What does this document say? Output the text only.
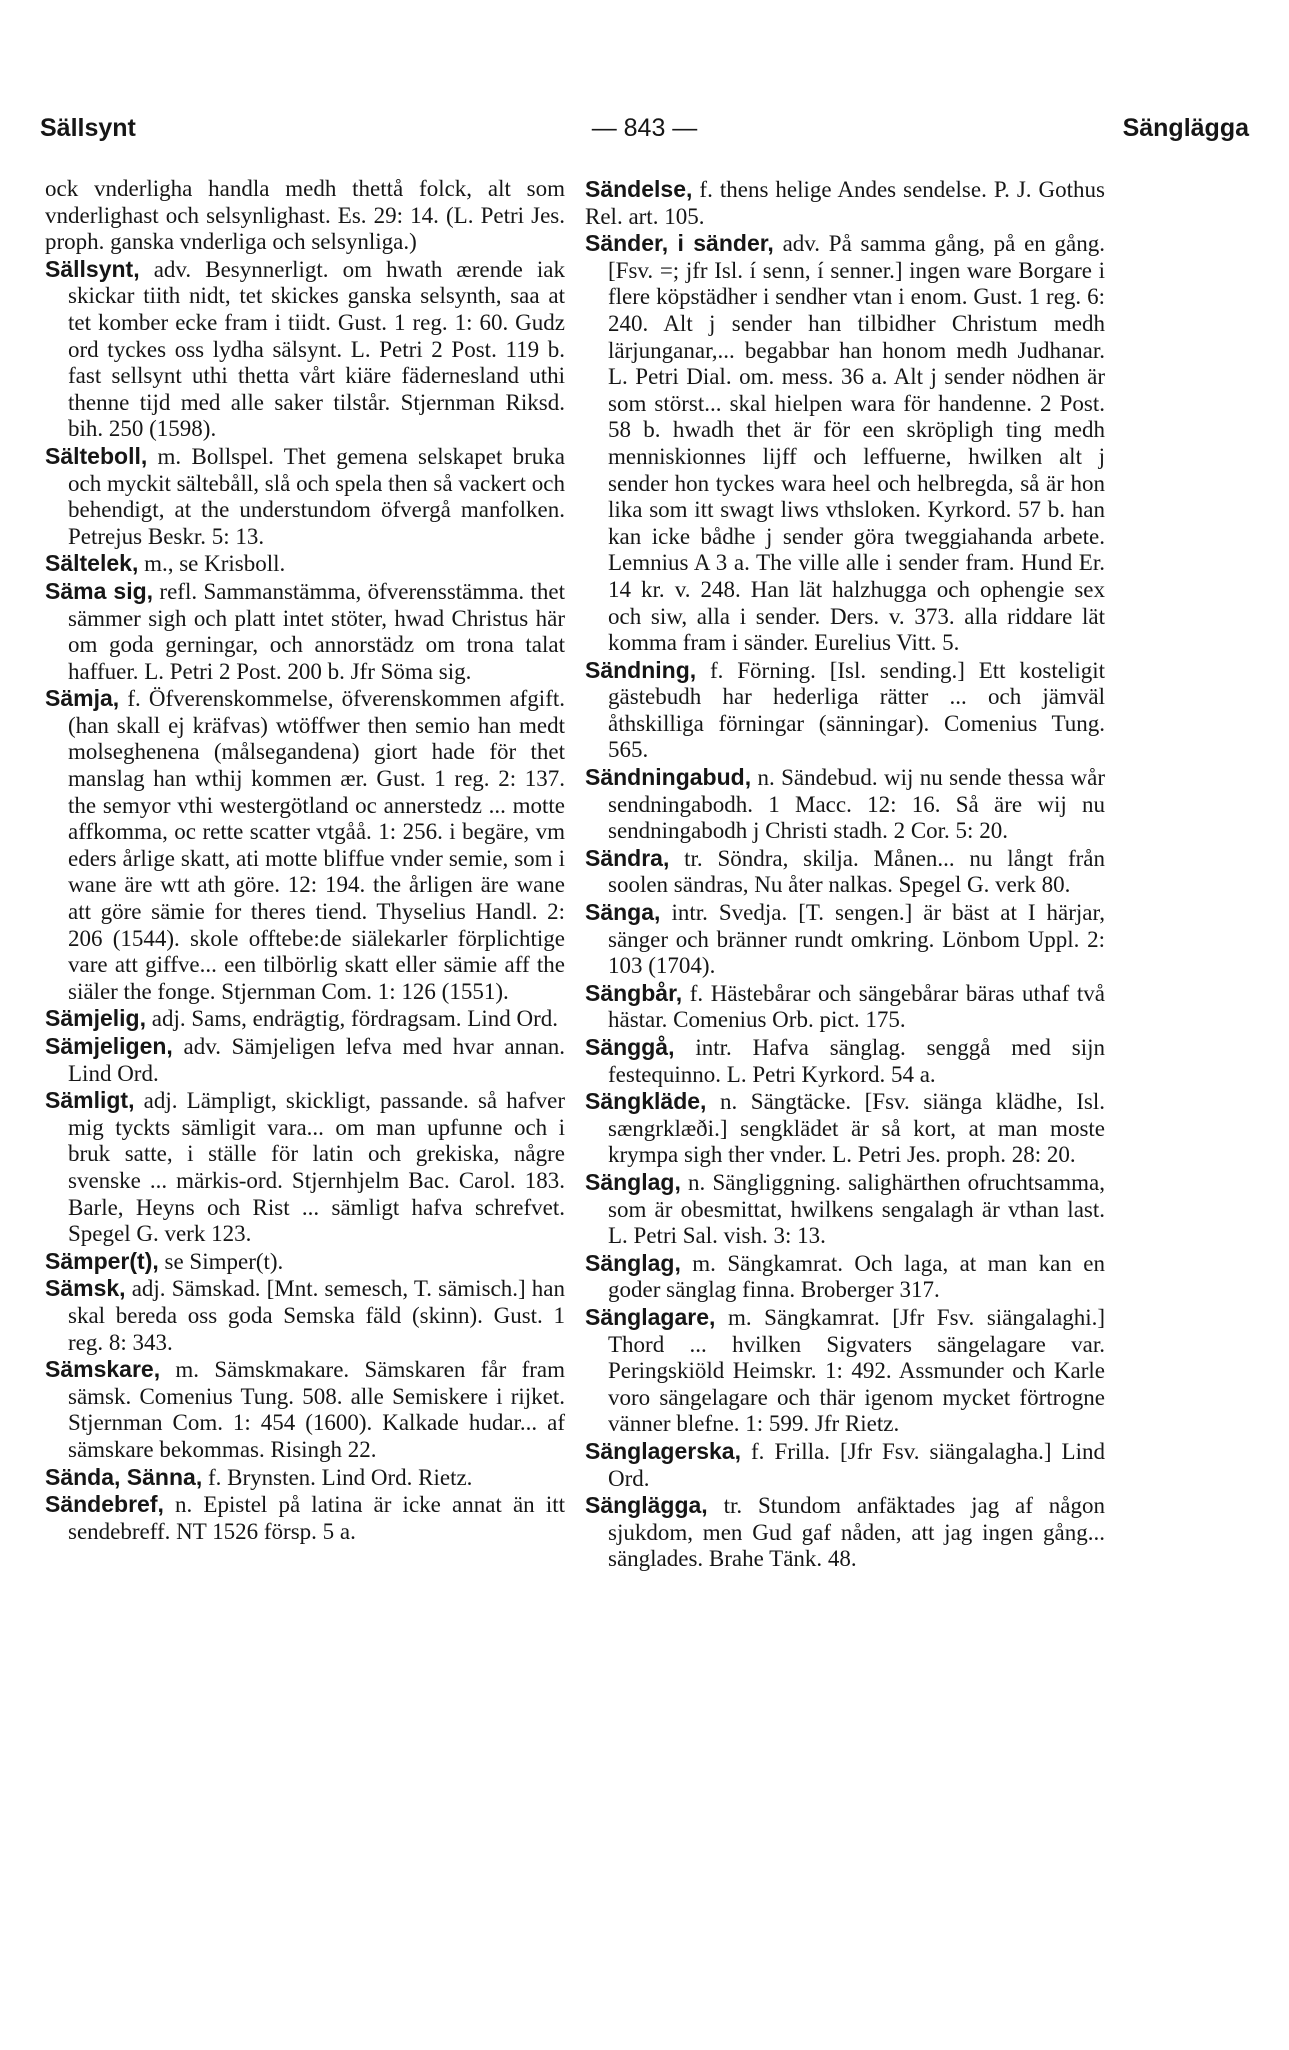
Sällsynt	— 843 —	Sänglägga

ock vnderligha handla medh thettå folck, alt som vnderlighast och selsynlighast. Es. 29: 14. (L. Petri Jes. proph. ganska vnderliga och selsynliga.)

Sällsynt, adv. Besynnerligt. om hwath ærende iak skickar tiith nidt, tet skickes ganska selsynth, saa at tet komber ecke fram i tiidt. Gust. 1 reg. 1: 60. Gudz ord tyckes oss lydha sälsynt. L. Petri 2 Post. 119 b. fast sellsynt uthi thetta vårt kiäre fädernesland uthi thenne tijd med alle saker tilstår. Stjernman Riksd. bih. 250 (1598).

Sälteboll, m. Bollspel. Thet gemena selskapet bruka och myckit sältebåll, slå och spela then så vackert och behendigt, at the understundom öfvergå manfolken. Petrejus Beskr. 5: 13.

Sältelek, m., se Krisboll.

Säma sig, refl. Sammanstämma, öfverensstämma. thet sämmer sigh och platt intet stöter, hwad Christus här om goda gerningar, och annorstädz om trona talat haffuer. L. Petri 2 Post. 200 b. Jfr Söma sig.

Sämja, f. Öfverenskommelse, öfverenskommen afgift. (han skall ej kräfvas) wtöffwer then semio han medt molseghenena (målsegandena) giort hade för thet manslag han wthij kommen ær. Gust. 1 reg. 2: 137. the semyor vthi westergötland oc annerstedz ... motte affkomma, oc rette scatter vtgåå. 1: 256. i begäre, vm eders årlige skatt, ati motte bliffue vnder semie, som i wane äre wtt ath göre. 12: 194. the årligen äre wane att göre sämie for theres tiend. Thyselius Handl. 2: 206 (1544). skole offtebe:de siälekarler förplichtige vare att giffve... een tilbörlig skatt eller sämie aff the siäler the fonge. Stjernman Com. 1: 126 (1551).

Sämjelig, adj. Sams, endrägtig, fördragsam. Lind Ord.

Sämjeligen, adv. Sämjeligen lefva med hvar annan. Lind Ord.

Sämligt, adj. Lämpligt, skickligt, passande. så hafver mig tyckts sämligit vara... om man upfunne och i bruk satte, i ställe för latin och grekiska, någre svenske ... märkis-ord. Stjernhjelm Bac. Carol. 183. Barle, Heyns och Rist ... sämligt hafva schrefvet. Spegel G. verk 123.

Sämper(t), se Simper(t).

Sämsk, adj. Sämskad. [Mnt. semesch, T. sämisch.] han skal bereda oss goda Semska fäld (skinn). Gust. 1 reg. 8: 343.

Sämskare, m. Sämskmakare. Sämskaren får fram sämsk. Comenius Tung. 508. alle Semiskere i rijket. Stjernman Com. 1: 454 (1600). Kalkade hudar... af sämskare bekommas. Risingh 22.

Sända, Sänna, f. Brynsten. Lind Ord. Rietz.

Sändebref, n. Epistel på latina är icke annat än itt sendebreff. NT 1526 försp. 5 a.

Sändelse, f. thens helige Andes sendelse. P. J. Gothus Rel. art. 105.

Sänder, i sänder, adv. På samma gång, på en gång. [Fsv. =; jfr Isl. í senn, í senner.] ingen ware Borgare i flere köpstädher i sendher vtan i enom. Gust. 1 reg. 6: 240. Alt j sender han tilbidher Christum medh lärjunganar,... begabbar han honom medh Judhanar. L. Petri Dial. om. mess. 36 a. Alt j sender nödhen är som störst... skal hielpen wara för handenne. 2 Post. 58 b. hwadh thet är för een skröpligh ting medh menniskionnes lijff och leffuerne, hwilken alt j sender hon tyckes wara heel och helbregda, så är hon lika som itt swagt liws vthsloken. Kyrkord. 57 b. han kan icke bådhe j sender göra tweggiahanda arbete. Lemnius A 3 a. The ville alle i sender fram. Hund Er. 14 kr. v. 248. Han lät halzhugga och ophengie sex och siw, alla i sender. Ders. v. 373. alla riddare lät komma fram i sänder. Eurelius Vitt. 5.

Sändning, f. Förning. [Isl. sending.] Ett kosteligit gästebudh har hederliga rätter ... och jämväl åthskilliga förningar (sänningar). Comenius Tung. 565.

Sändningabud, n. Sändebud. wij nu sende thessa wår sendningabodh. 1 Macc. 12: 16. Så äre wij nu sendningabodh j Christi stadh. 2 Cor. 5: 20.

Sändra, tr. Söndra, skilja. Månen... nu långt från soolen sändras, Nu åter nalkas. Spegel G. verk 80.

Sänga, intr. Svedja. [T. sengen.] är bäst at I härjar, sänger och bränner rundt omkring. Lönbom Uppl. 2: 103 (1704).

Sängbår, f. Hästebårar och sängebårar bäras uthaf två hästar. Comenius Orb. pict. 175.

Sänggå, intr. Hafva sänglag. senggå med sijn festequinno. L. Petri Kyrkord. 54 a.

Sängkläde, n. Sängtäcke. [Fsv. siänga klädhe, Isl. sængrklæði.] sengklädet är så kort, at man moste krympa sigh ther vnder. L. Petri Jes. proph. 28: 20.

Sänglag, n. Sängliggning. salighärthen ofruchtsamma, som är obesmittat, hwilkens sengalagh är vthan last. L. Petri Sal. vish. 3: 13.

Sänglag, m. Sängkamrat. Och laga, at man kan en goder sänglag finna. Broberger 317.

Sänglagare, m. Sängkamrat. [Jfr Fsv. siängalaghi.] Thord ... hvilken Sigvaters sängelagare var. Peringskiöld Heimskr. 1: 492. Assmunder och Karle voro sängelagare och thär igenom mycket förtrogne vänner blefne. 1: 599. Jfr Rietz.

Sänglagerska, f. Frilla. [Jfr Fsv. siängalagha.] Lind Ord.

Sänglägga, tr. Stundom anfäktades jag af någon sjukdom, men Gud gaf nåden, att jag ingen gång... sänglades. Brahe Tänk. 48.
